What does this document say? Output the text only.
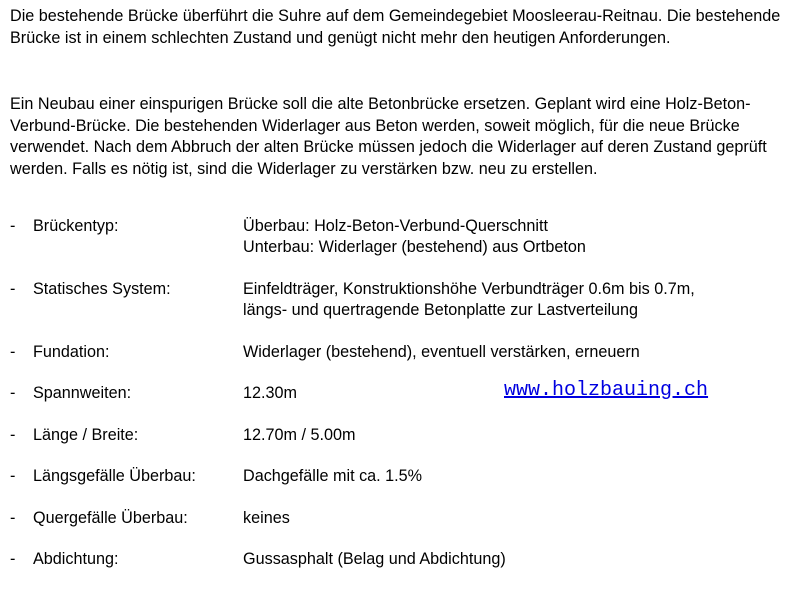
Die bestehende Brücke überführt die Suhre auf dem Gemeindegebiet Moosleerau-Reitnau. Die bestehende Brücke ist in einem schlechten Zustand und genügt nicht mehr den heutigen Anforderungen.

Ein Neubau einer einspurigen Brücke soll die alte Betonbrücke ersetzen. Geplant wird eine Holz-Beton-Verbund-Brücke. Die bestehenden Widerlager aus Beton werden, soweit möglich, für die neue Brücke verwendet. Nach dem Abbruch der alten Brücke müssen jedoch die Widerlager auf deren Zustand geprüft werden. Falls es nötig ist, sind die Widerlager zu verstärken bzw. neu zu erstellen.

- Brückentyp:	Überbau: Holz-Beton-Verbund-Querschnitt
Unterbau: Widerlager (bestehend) aus Ortbeton
- Statisches System:	Einfeldträger, Konstruktionshöhe Verbundträger 0.6m bis 0.7m,
längs- und quertragende Betonplatte zur Lastverteilung
- Fundation:	Widerlager (bestehend), eventuell verstärken, erneuern
- Spannweiten:	12.30m
- Länge / Breite:	12.70m / 5.00m
- Längsgefälle Überbau:	Dachgefälle mit ca. 1.5%
- Quergefälle Überbau:	keines
- Abdichtung:	Gussasphalt (Belag und Abdichtung)
www.holzbauing.ch
